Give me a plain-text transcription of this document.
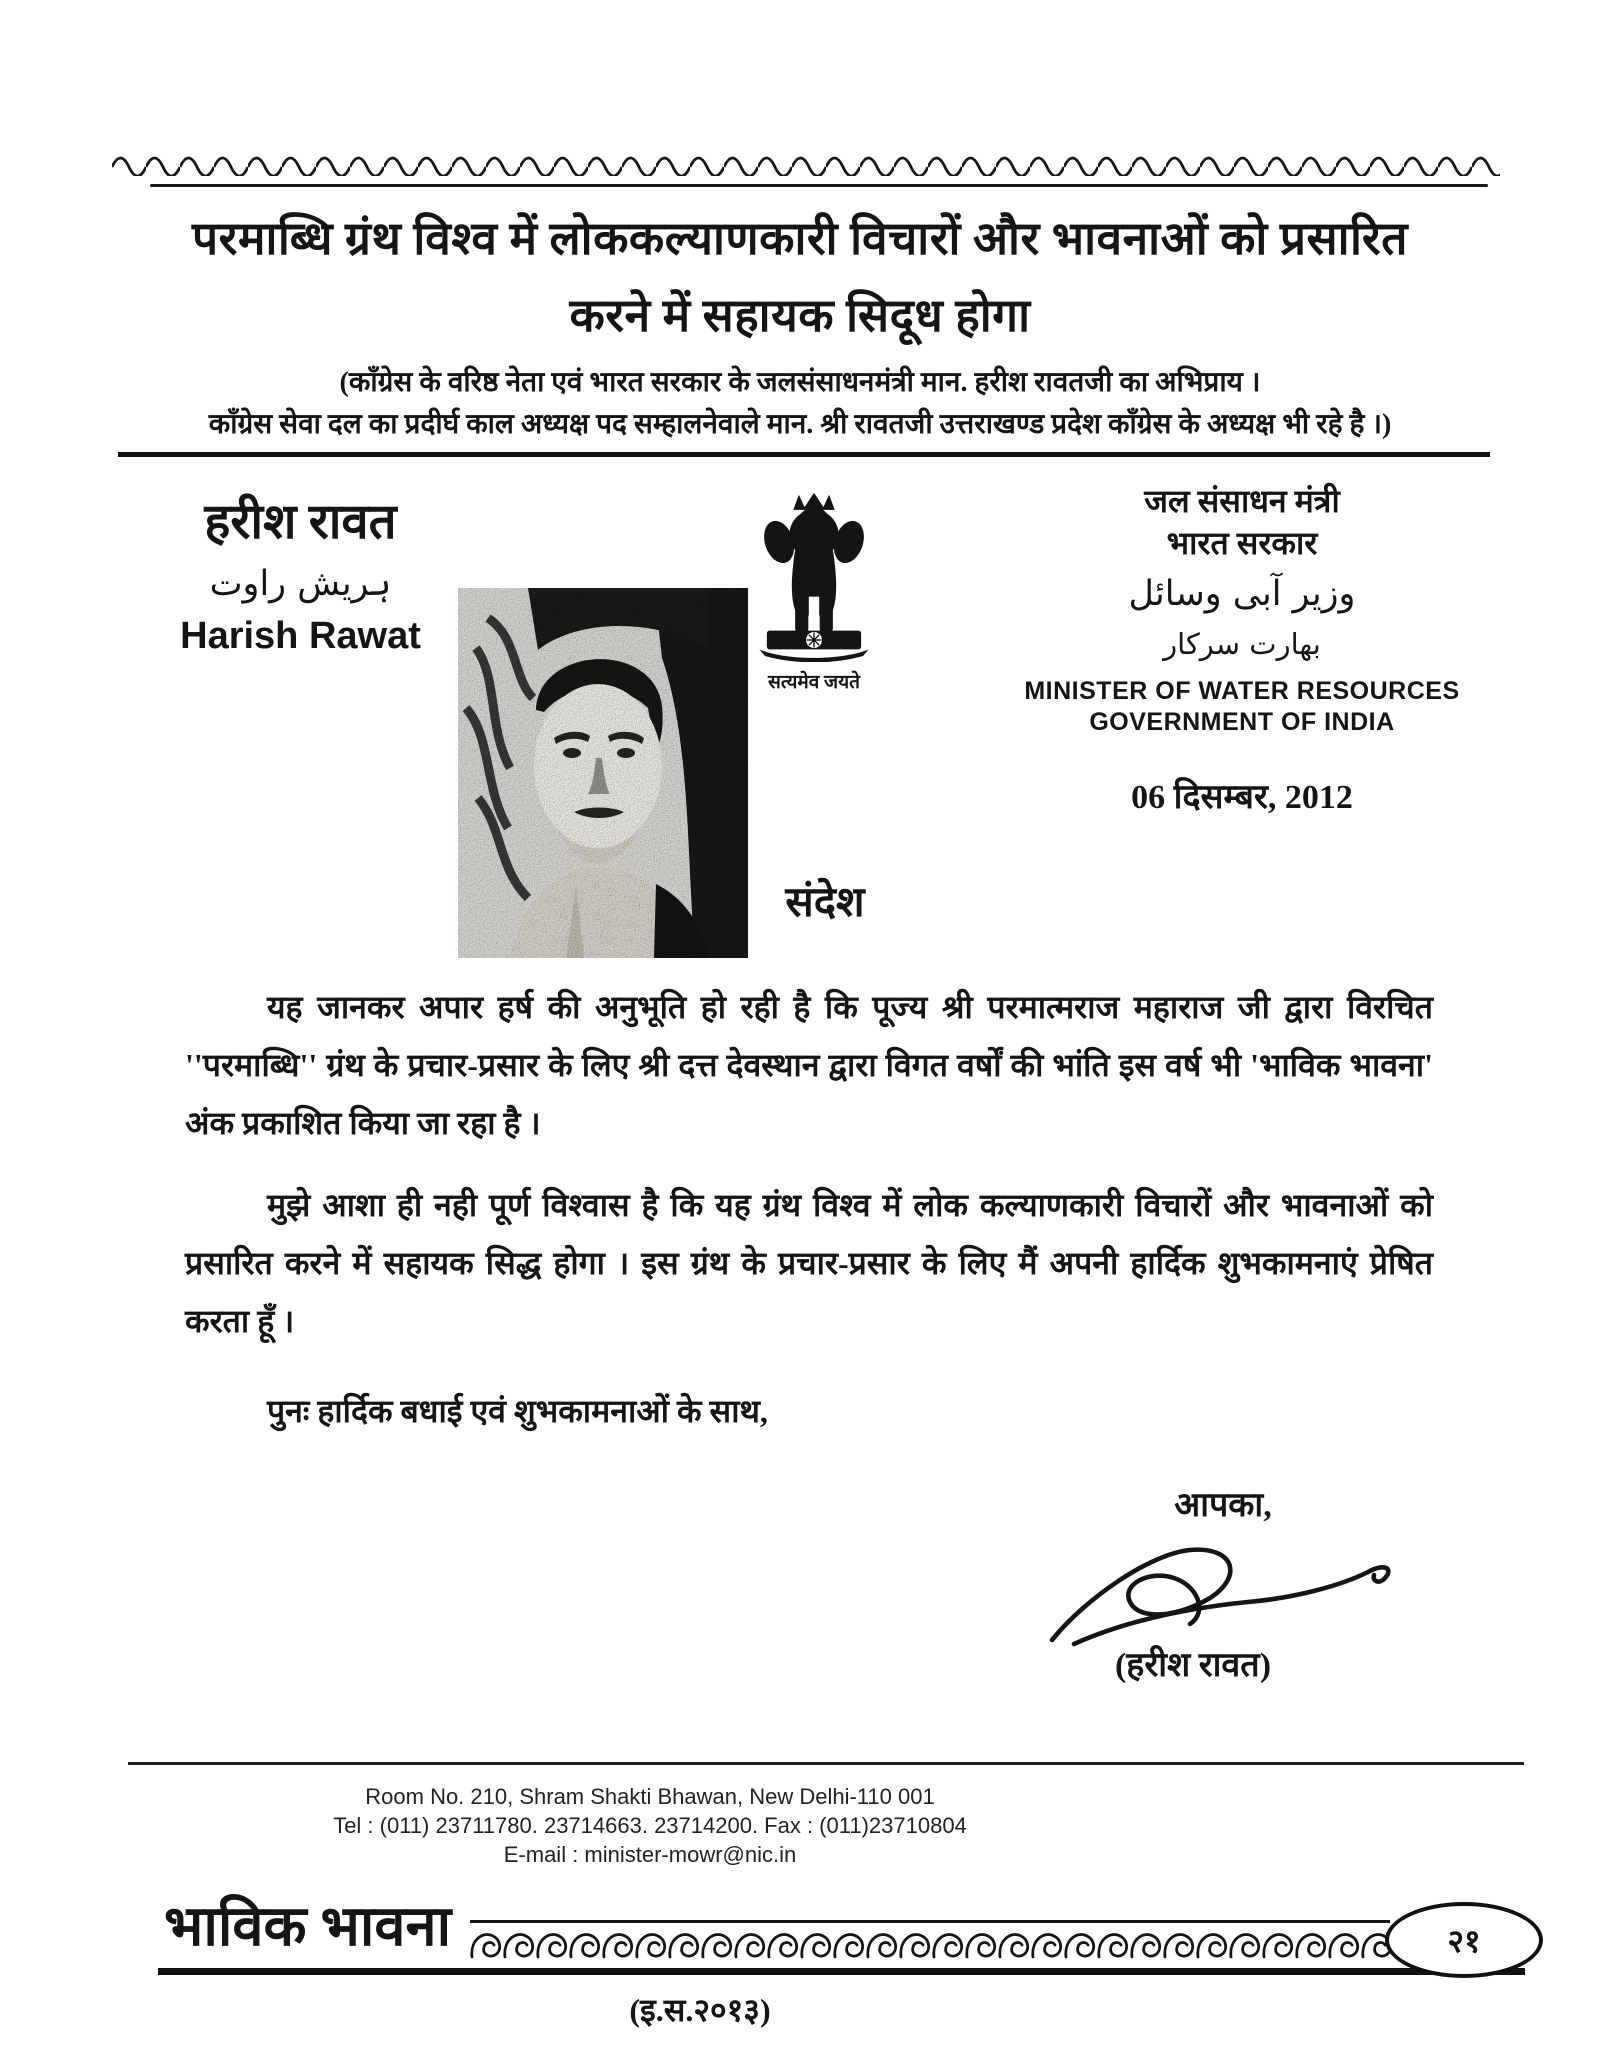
परमाब्धि ग्रंथ विश्व में लोककल्याणकारी विचारों और भावनाओं को प्रसारित
करने में सहायक सिदूध होगा
(काँग्रेस के वरिष्ठ नेता एवं भारत सरकार के जलसंसाधनमंत्री मान. हरीश रावतजी का अभिप्राय ।
काँग्रेस सेवा दल का प्रदीर्घ काल अध्यक्ष पद सम्हालनेवाले मान. श्री रावतजी उत्तराखण्ड प्रदेश काँग्रेस के अध्यक्ष भी रहे है ।)
हरीश रावत
ہریش راوت
Harish Rawat
सत्यमेव जयते
जल संसाधन मंत्री
भारत सरकार
وزیر آبی وسائل
بھارت سرکار
MINISTER OF WATER RESOURCES
GOVERNMENT OF INDIA
06 दिसम्बर, 2012
संदेश

यह जानकर अपार हर्ष की अनुभूति हो रही है कि पूज्य श्री परमात्मराज महाराज जी द्वारा विरचित ''परमाब्धि'' ग्रंथ के प्रचार-प्रसार के लिए श्री दत्त देवस्थान द्वारा विगत वर्षों की भांति इस वर्ष भी 'भाविक भावना' अंक प्रकाशित किया जा रहा है ।

मुझे आशा ही नही पूर्ण विश्वास है कि यह ग्रंथ विश्व में लोक कल्याणकारी विचारों और भावनाओं को प्रसारित करने में सहायक सिद्ध होगा । इस ग्रंथ के प्रचार-प्रसार के लिए मैं अपनी हार्दिक शुभकामनाएं प्रेषित करता हूँ ।

पुनः हार्दिक बधाई एवं शुभकामनाओं के साथ,

आपका,
(हरीश रावत)
Room No. 210, Shram Shakti Bhawan, New Delhi-110 001
Tel : (011) 23711780. 23714663. 23714200. Fax : (011)23710804
E-mail : minister-mowr@nic.in
भाविक भावना	२१
(इ.स.२०१३)
